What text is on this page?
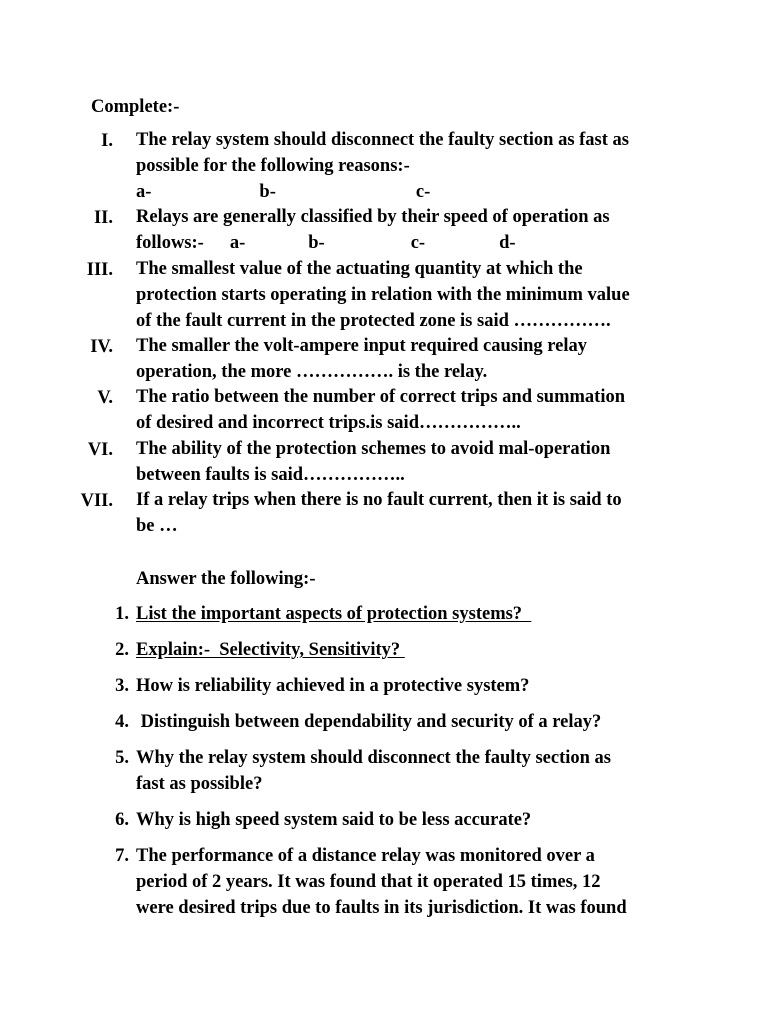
Complete:-
I. The relay system should disconnect the faulty section as fast as
possible for the following reasons:-
a-	b-	c-
II. Relays are generally classified by their speed of operation as
follows:- a-	b-	c-	d-
III. The smallest value of the actuating quantity at which the
protection starts operating in relation with the minimum value
of the fault current in the protected zone is said …………….
IV. The smaller the volt-ampere input required causing relay
operation, the more ……………. is the relay.
V. The ratio between the number of correct trips and summation
of desired and incorrect trips.is said……………..
VI. The ability of the protection schemes to avoid mal-operation
between faults is said……………..
VII. If a relay trips when there is no fault current, then it is said to
be …
Answer the following:-
1. List the important aspects of protection systems?
2. Explain:-  Selectivity, Sensitivity?
3. How is reliability achieved in a protective system?
4. Distinguish between dependability and security of a relay?
5. Why the relay system should disconnect the faulty section as
fast as possible?
6. Why is high speed system said to be less accurate?
7. The performance of a distance relay was monitored over a
period of 2 years. It was found that it operated 15 times, 12
were desired trips due to faults in its jurisdiction. It was found
